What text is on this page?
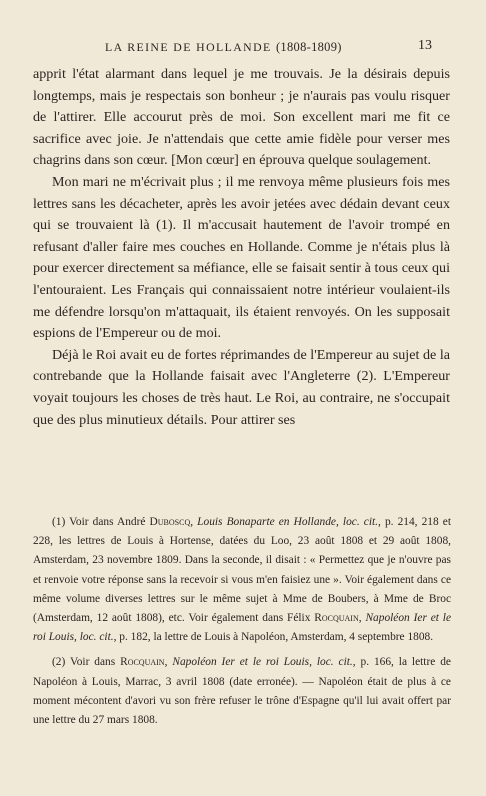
LA REINE DE HOLLANDE (1808-1809)	13

apprit l'état alarmant dans lequel je me trouvais. Je la désirais depuis longtemps, mais je respectais son bonheur ; je n'aurais pas voulu risquer de l'attirer. Elle accourut près de moi. Son excellent mari me fit ce sacrifice avec joie. Je n'attendais que cette amie fidèle pour verser mes chagrins dans son cœur. [Mon cœur] en éprouva quelque soulagement.

Mon mari ne m'écrivait plus ; il me renvoya même plusieurs fois mes lettres sans les décacheter, après les avoir jetées avec dédain devant ceux qui se trouvaient là (1). Il m'accusait hautement de l'avoir trompé en refusant d'aller faire mes couches en Hollande. Comme je n'étais plus là pour exercer directement sa méfiance, elle se faisait sentir à tous ceux qui l'entouraient. Les Français qui connaissaient notre intérieur voulaient-ils me défendre lorsqu'on m'attaquait, ils étaient renvoyés. On les supposait espions de l'Empereur ou de moi.

Déjà le Roi avait eu de fortes réprimandes de l'Empereur au sujet de la contrebande que la Hollande faisait avec l'Angleterre (2). L'Empereur voyait toujours les choses de très haut. Le Roi, au contraire, ne s'occupait que des plus minutieux détails. Pour attirer ses

(1) Voir dans André Duboscq, Louis Bonaparte en Hollande, loc. cit., p. 214, 218 et 228, les lettres de Louis à Hortense, datées du Loo, 23 août 1808 et 29 août 1808, Amsterdam, 23 novembre 1809. Dans la seconde, il disait : « Permettez que je n'ouvre pas et renvoie votre réponse sans la recevoir si vous m'en faisiez une ». Voir également dans ce même volume diverses lettres sur le même sujet à Mme de Boubers, à Mme de Broc (Amsterdam, 12 août 1808), etc. Voir également dans Félix Rocquain, Napoléon Ier et le roi Louis, loc. cit., p. 182, la lettre de Louis à Napoléon, Amsterdam, 4 septembre 1808.

(2) Voir dans Rocquain, Napoléon Ier et le roi Louis, loc. cit., p. 166, la lettre de Napoléon à Louis, Marrac, 3 avril 1808 (date erronée). — Napoléon était de plus à ce moment mécontent d'avori vu son frère refuser le trône d'Espagne qu'il lui avait offert par une lettre du 27 mars 1808.
